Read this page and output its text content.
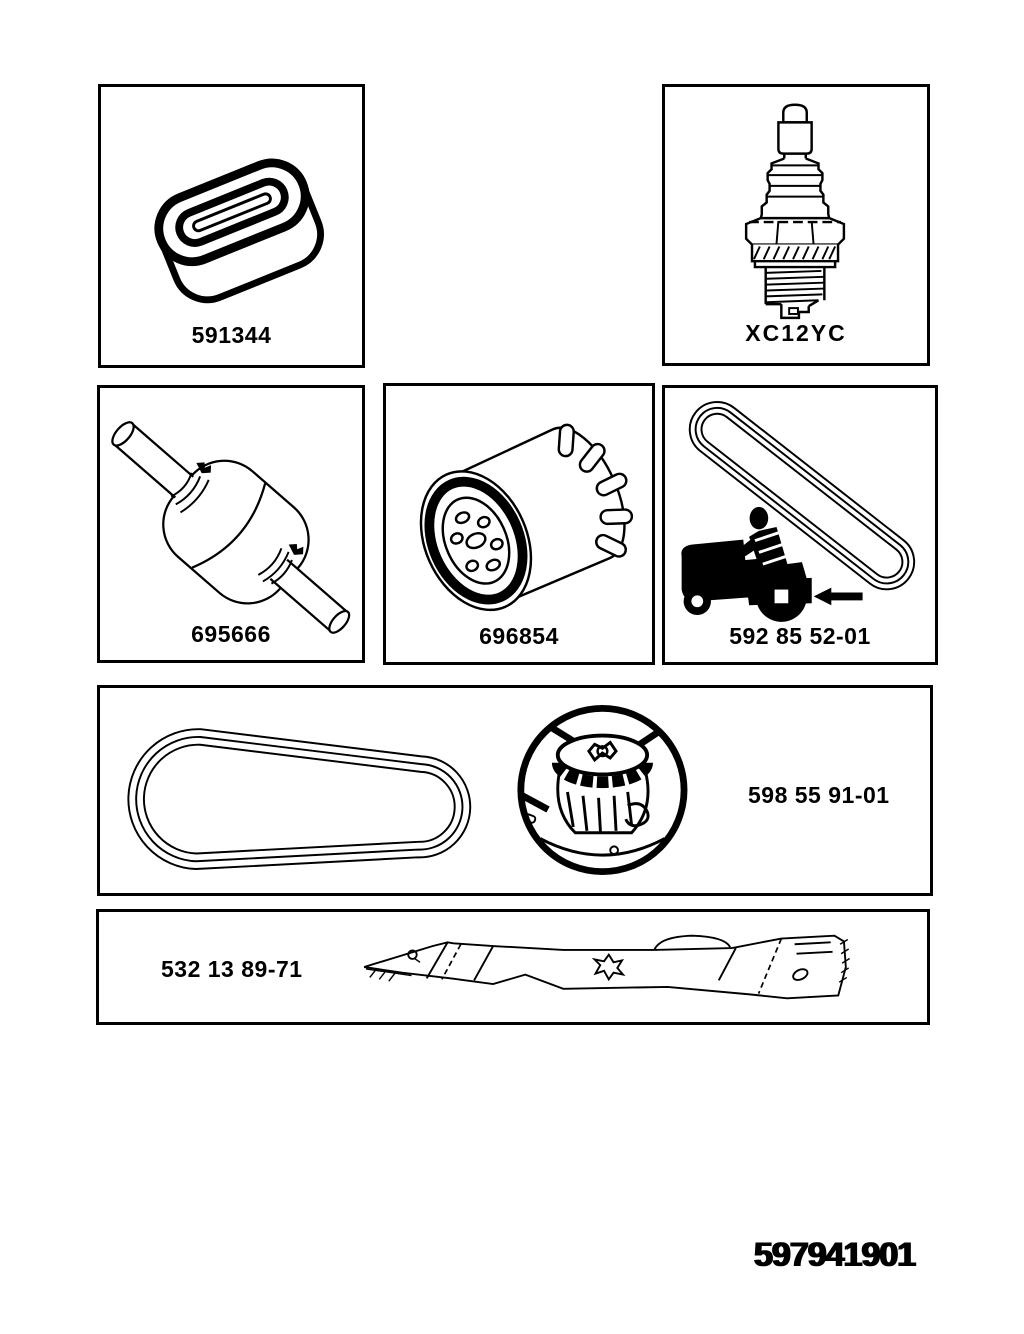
591344	XC12YC
695666	696854	592 85 52-01
598 55 91-01
532 13 89-71
597941901
